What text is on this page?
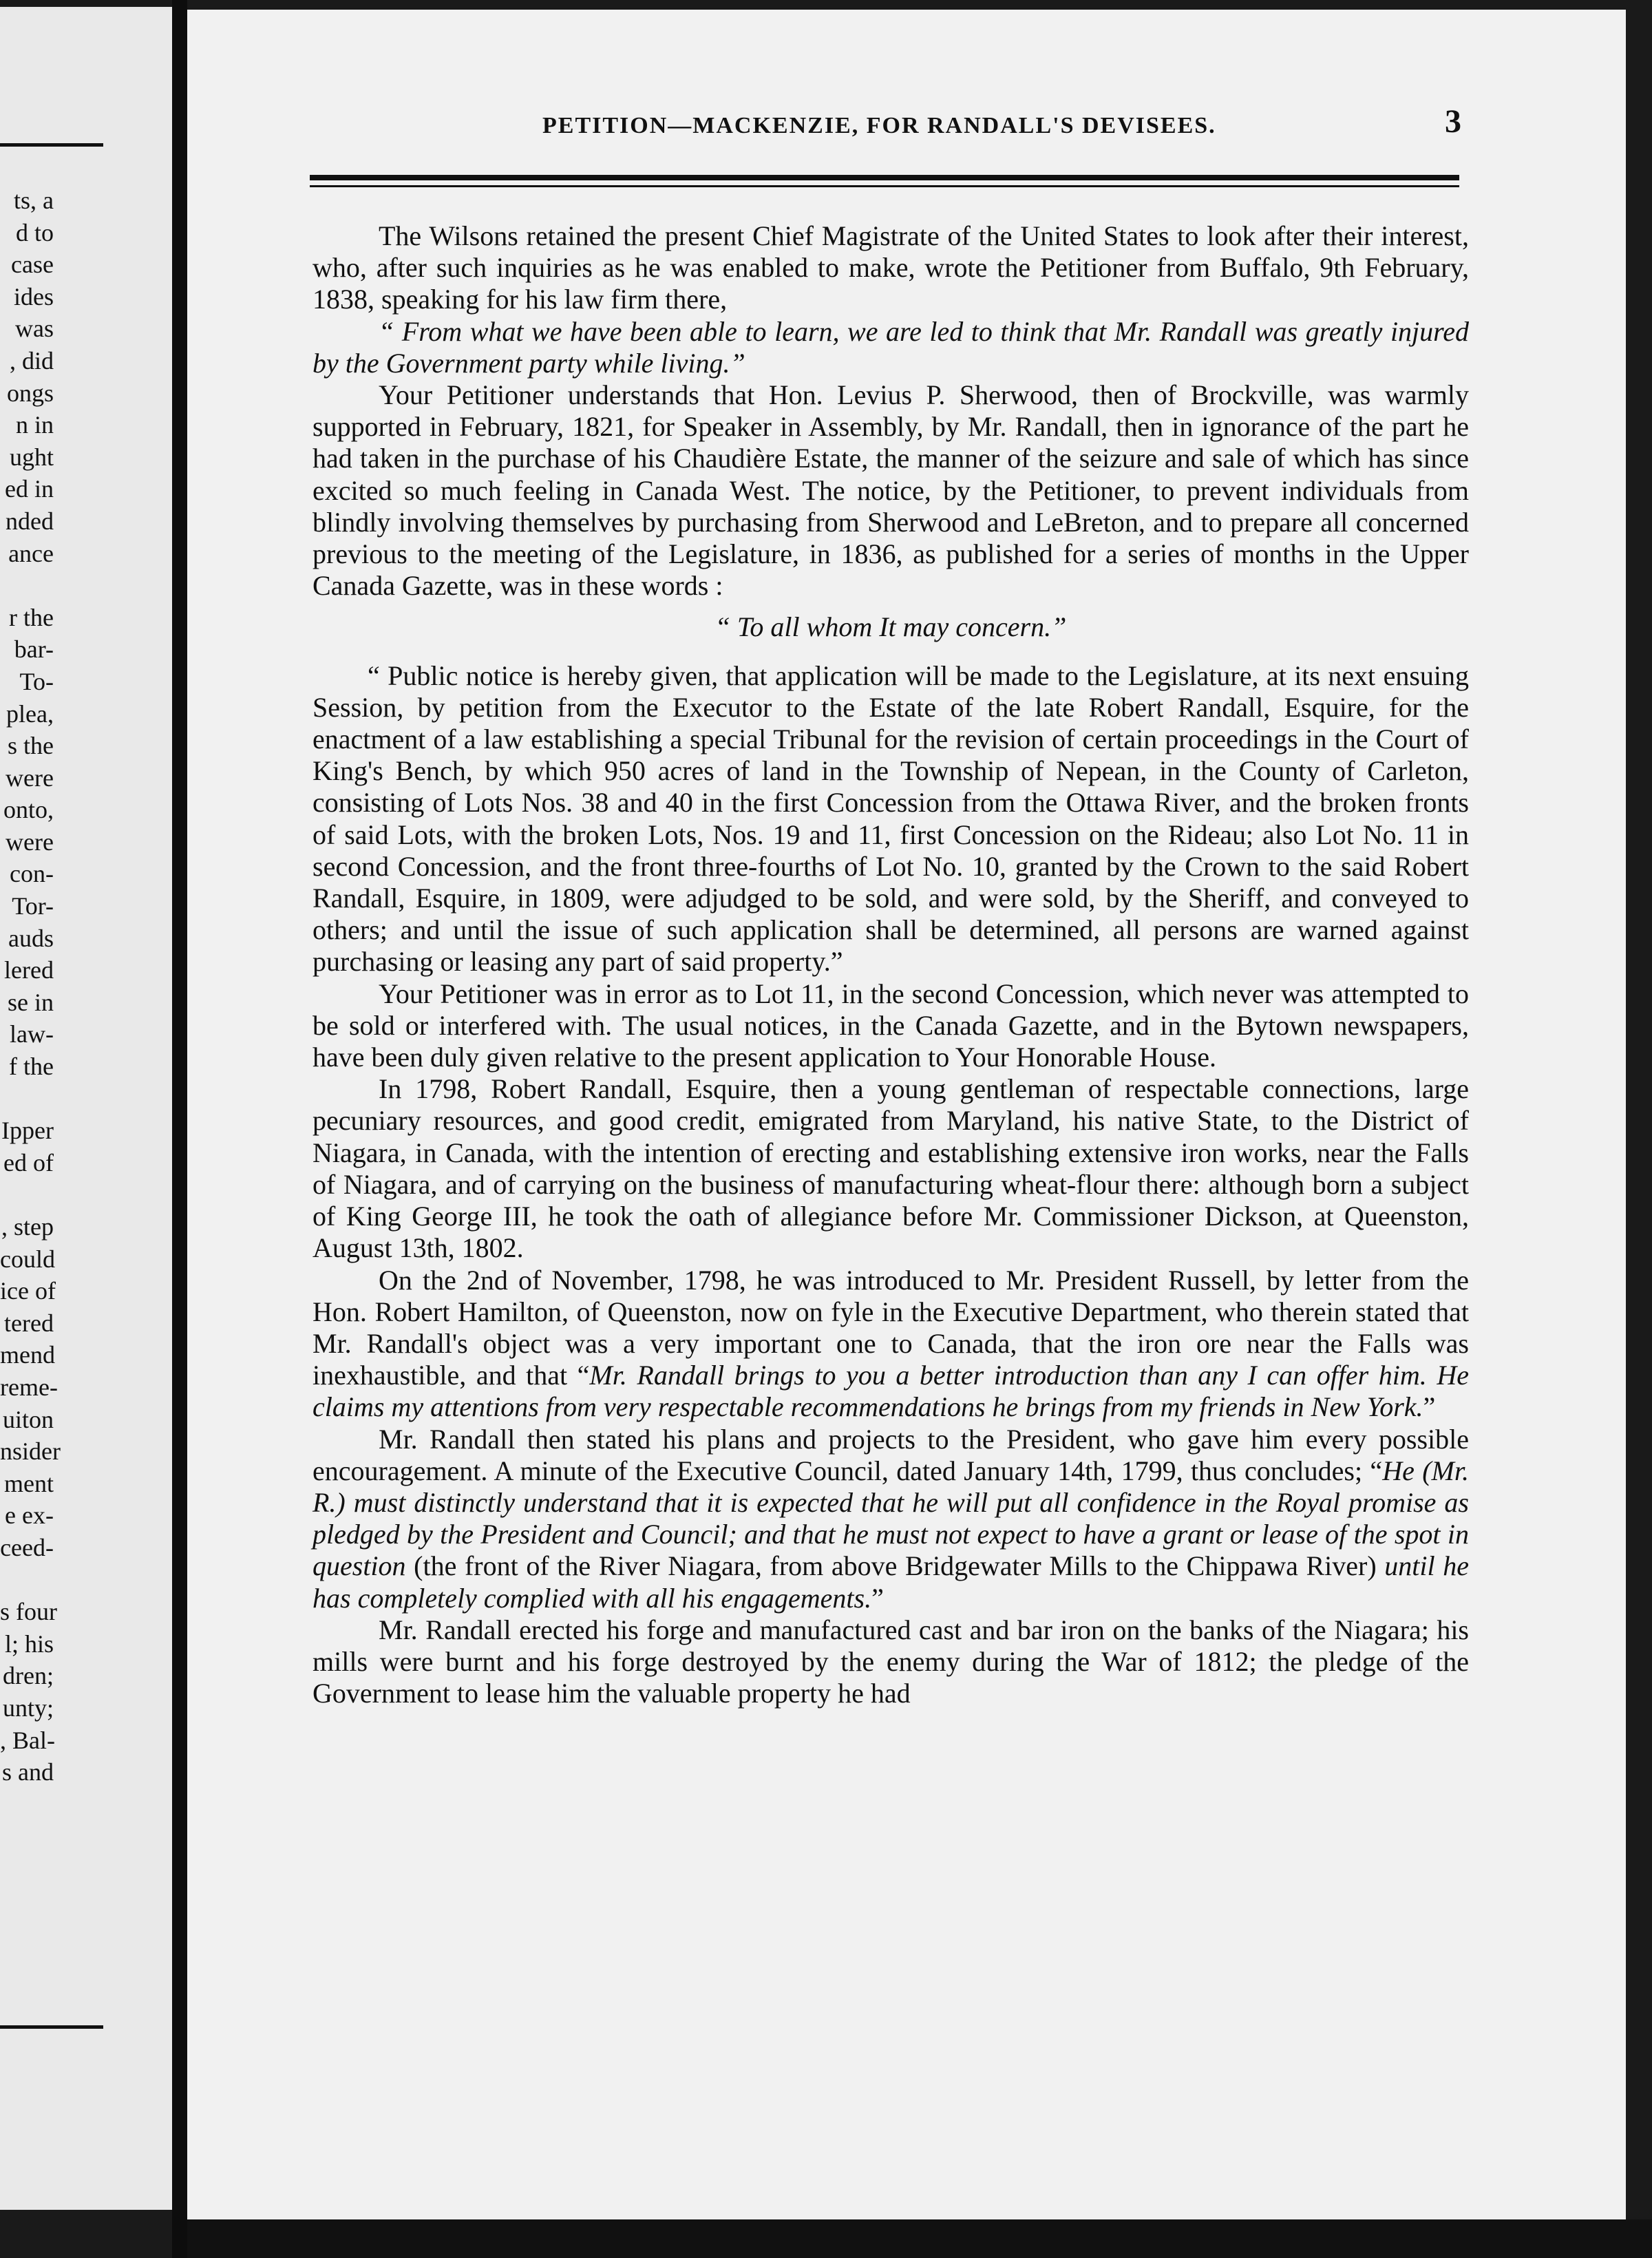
ts, a
d to
case
ides
was
, did
ongs
n in
ught
ed in
nded
ance
r the
bar-
To-
plea,
s the
were
onto,
were
con-
Tor-
auds
lered
se in
law-
f the
Ipper
ed of
, step
could
ice of
tered
mend
reme-
uiton
nsider
ment
e ex-
ceed-
s four
l; his
dren;
unty;
, Bal-
s and
PETITION—MACKENZIE, FOR RANDALL'S DEVISEES.	3

The Wilsons retained the present Chief Magistrate of the United States to look after their interest, who, after such inquiries as he was enabled to make, wrote the Petitioner from Buffalo, 9th February, 1838, speaking for his law firm there,

“ From what we have been able to learn, we are led to think that Mr. Randall was greatly injured by the Government party while living.”

Your Petitioner understands that Hon. Levius P. Sherwood, then of Brockville, was warmly supported in February, 1821, for Speaker in Assembly, by Mr. Randall, then in ignorance of the part he had taken in the purchase of his Chaudière Estate, the manner of the seizure and sale of which has since excited so much feeling in Canada West. The notice, by the Petitioner, to prevent individuals from blindly involving themselves by purchasing from Sherwood and LeBreton, and to prepare all concerned previous to the meeting of the Legislature, in 1836, as published for a series of months in the Upper Canada Gazette, was in these words :

“ To all whom It may concern.”

“ Public notice is hereby given, that application will be made to the Legislature, at its next ensuing Session, by petition from the Executor to the Estate of the late Robert Randall, Esquire, for the enactment of a law establishing a special Tribunal for the revision of certain proceedings in the Court of King's Bench, by which 950 acres of land in the Township of Nepean, in the County of Carleton, consisting of Lots Nos. 38 and 40 in the first Concession from the Ottawa River, and the broken fronts of said Lots, with the broken Lots, Nos. 19 and 11, first Concession on the Rideau; also Lot No. 11 in second Concession, and the front three-fourths of Lot No. 10, granted by the Crown to the said Robert Randall, Esquire, in 1809, were adjudged to be sold, and were sold, by the Sheriff, and conveyed to others; and until the issue of such application shall be determined, all persons are warned against purchasing or leasing any part of said property.”

Your Petitioner was in error as to Lot 11, in the second Concession, which never was attempted to be sold or interfered with. The usual notices, in the Canada Gazette, and in the Bytown newspapers, have been duly given relative to the present application to Your Honorable House.

In 1798, Robert Randall, Esquire, then a young gentleman of respectable connections, large pecuniary resources, and good credit, emigrated from Maryland, his native State, to the District of Niagara, in Canada, with the intention of erecting and establishing extensive iron works, near the Falls of Niagara, and of carrying on the business of manufacturing wheat-flour there: although born a subject of King George III, he took the oath of allegiance before Mr. Commissioner Dickson, at Queenston, August 13th, 1802.

On the 2nd of November, 1798, he was introduced to Mr. President Russell, by letter from the Hon. Robert Hamilton, of Queenston, now on fyle in the Executive Department, who therein stated that Mr. Randall's object was a very important one to Canada, that the iron ore near the Falls was inexhaustible, and that “Mr. Randall brings to you a better introduction than any I can offer him. He claims my attentions from very respectable recommendations he brings from my friends in New York.”

Mr. Randall then stated his plans and projects to the President, who gave him every possible encouragement. A minute of the Executive Council, dated January 14th, 1799, thus concludes; “He (Mr. R.) must distinctly understand that it is expected that he will put all confidence in the Royal promise as pledged by the President and Council; and that he must not expect to have a grant or lease of the spot in question (the front of the River Niagara, from above Bridgewater Mills to the Chippawa River) until he has completely complied with all his engagements.”

Mr. Randall erected his forge and manufactured cast and bar iron on the banks of the Niagara; his mills were burnt and his forge destroyed by the enemy during the War of 1812; the pledge of the Government to lease him the valuable property he had
